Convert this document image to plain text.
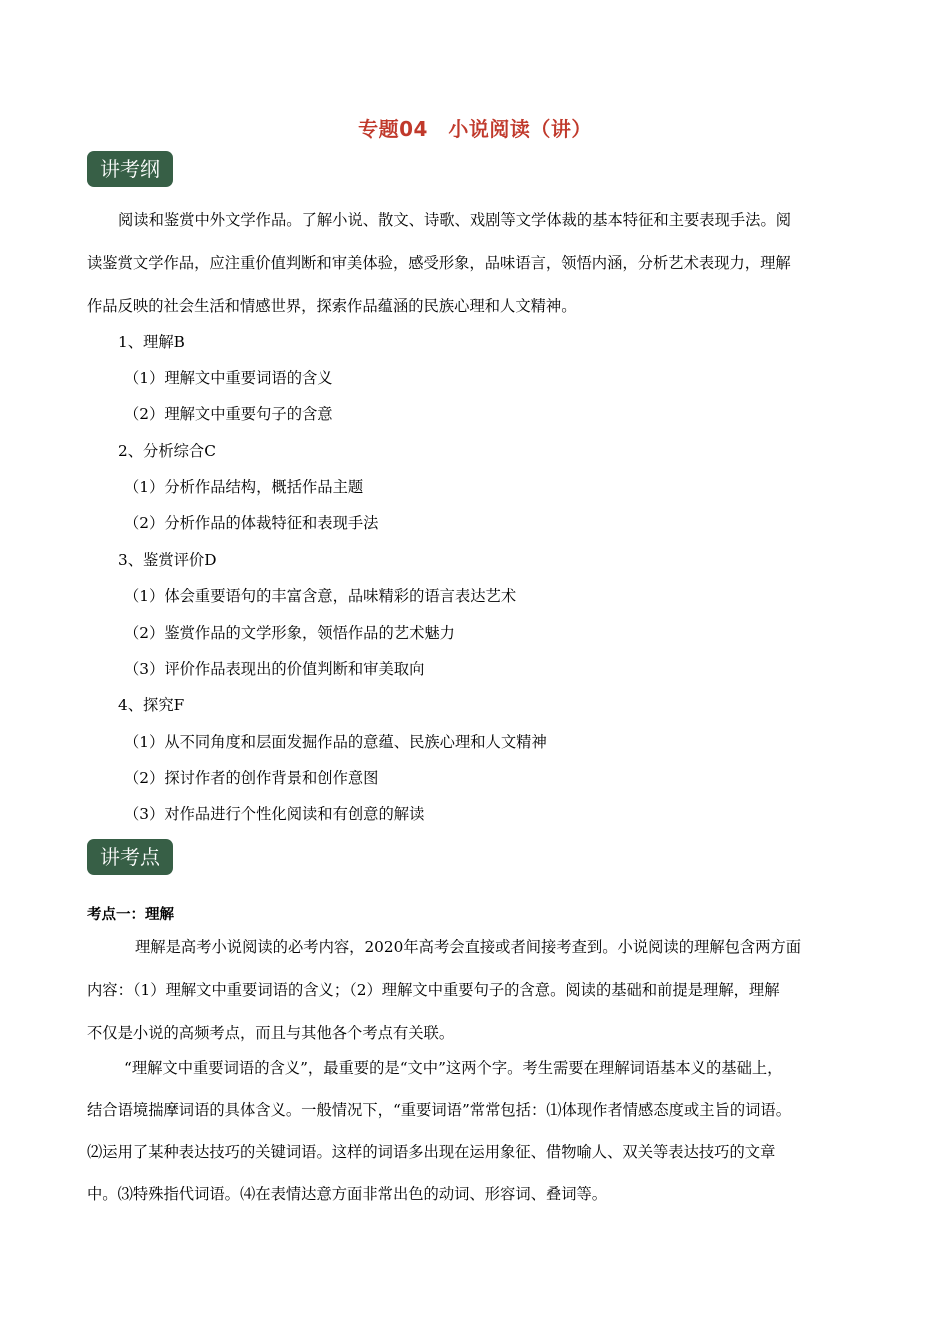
专题04　小说阅读（讲）
讲考纲
阅读和鉴赏中外文学作品。了解小说、散文、诗歌、戏剧等文学体裁的基本特征和主要表现手法。阅
读鉴赏文学作品，应注重价值判断和审美体验，感受形象，品味语言，领悟内涵，分析艺术表现力，理解
作品反映的社会生活和情感世界，探索作品蕴涵的民族心理和人文精神。
1、理解B
（1）理解文中重要词语的含义
（2）理解文中重要句子的含意
2、分析综合C
（1）分析作品结构，概括作品主题
（2）分析作品的体裁特征和表现手法
3、鉴赏评价D
（1）体会重要语句的丰富含意，品味精彩的语言表达艺术
（2）鉴赏作品的文学形象，领悟作品的艺术魅力
（3）评价作品表现出的价值判断和审美取向
4、探究F
（1）从不同角度和层面发掘作品的意蕴、民族心理和人文精神
（2）探讨作者的创作背景和创作意图
（3）对作品进行个性化阅读和有创意的解读
讲考点
考点一：理解
理解是高考小说阅读的必考内容，2020年高考会直接或者间接考查到。小说阅读的理解包含两方面
内容：（1）理解文中重要词语的含义；（2）理解文中重要句子的含意。阅读的基础和前提是理解，理解
不仅是小说的高频考点，而且与其他各个考点有关联。
“理解文中重要词语的含义”，最重要的是“文中”这两个字。考生需要在理解词语基本义的基础上，
结合语境揣摩词语的具体含义。一般情况下，“重要词语”常常包括：⑴体现作者情感态度或主旨的词语。
⑵运用了某种表达技巧的关键词语。这样的词语多出现在运用象征、借物喻人、双关等表达技巧的文章
中。⑶特殊指代词语。⑷在表情达意方面非常出色的动词、形容词、叠词等。
